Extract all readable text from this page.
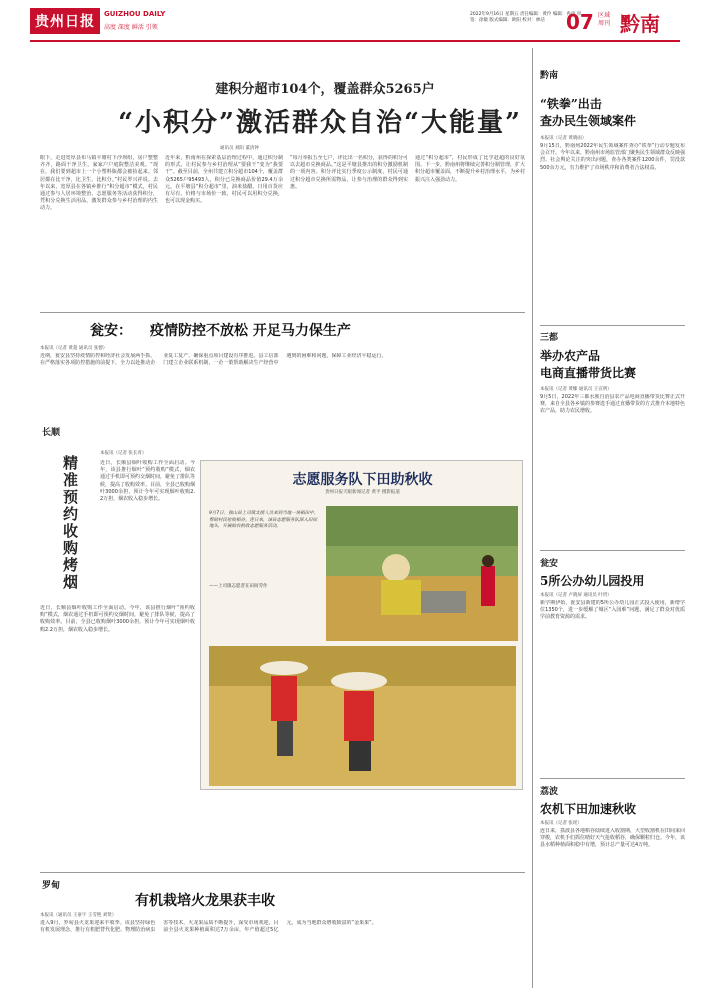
贵州日报	GUIZHOU DAILY
高度 深度 鲜活 引领
2022年9月16日 星期五 责任编辑：黄伶 编辑：冉冉 审签：徐敏 版式编辑：欧阳 校对：林洁	07 区域 周刊 黔南
建积分超市104个，覆盖群众5265户
“小积分”激活群众自治“大能量”
通讯员 刘阳 董清钟
眼下，走进宽厚县布马镇平塘村下沙坝组，房户整整齐齐，路面干净卫生，家家户户庭院整洁美观。“现在，我们要到超市上一个小塑料瓶都会被捡起来。邻居都在比干净，比卫生，比积分。”村民罗兴祥说。去年以来，宽厚县在各镇乡推行“积分超市”模式，村民通过参与人居环境整治、志愿服务等活动获得积分，凭积分兑换生活用品，激发群众参与乡村治理的内生动力。
近年来，黔南州在探索基层治理过程中，通过积分制的形式，让村民参与乡村治理从“要我干”变为“我要干”。截至目前，全州共建立积分超市104个，覆盖群众5265户95493人，积分已兑换商品价值29.4万余元。在平塘县“积分超市”里，油米盐醋、日用百货应有尽有，价格与市场价一致，村民可以用积分兑换，也可以现金购买。
“每月举报五至七户，评比出一名积分，获得的积分可以去超市兑换商品。”这是平塘县推出的积分激励机制的一项内容。积分评比实行季度公示制度，村民可通过积分超市兑换所需物品，让参与治理的群众得到实惠。
通过“积分超市”，村民形成了比学赶超的良好氛围。下一步，黔南州将继续完善积分制管理，扩大积分超市覆盖面，不断提升乡村治理水平，为乡村振兴注入强劲动力。
瓮安： 疫情防控不放松 开足马力保生产
本报讯（记者 黄超 通讯员 张德）
近期，瓮安县坚持疫情防控和经济社会发展两手抓，在严格落实各项防控措施的前提下，全力以赴推动企业复工复产，确保重点项目建设有序推进。县工信部门建立企业联系机制，一企一策帮助解决生产经营中遇到的困难和问题，保障工业经济平稳运行。
长顺
精准预约收购烤烟
本报讯（记者 张长青）
近日，长顺县烟叶收购工作全面启动。今年，该县推行烟叶“预约收购”模式，烟农通过手机即可预约交烟时间，避免了排队等候，提高了收购效率。目前，全县已收购烟叶3000余担，预计今年可实现烟叶收购2.2万担，烟农收入稳步增长。
近日，长顺县烟叶收购工作全面启动。今年，该县推行烟叶“预约收购”模式，烟农通过手机即可预约交烟时间，避免了排队等候，提高了收购效率。目前，全县已收购烟叶3000余担，预计今年可实现烟叶收购2.2万担，烟农收入稳步增长。
志愿服务队下田助秋收
贵州日报天眼新闻记者 黄平 摄影报道
9月7日，独山县上司镇支援人员来到当地一块稻田中，帮助村民抢收稻谷。连日来，该县志愿服务队深入田间地头，开展助农秋收志愿服务活动。
——上司镇志愿者在田间劳作
黔南
“铁拳”出击
查办民生领域案件
本报讯（记者 黄晓雨）
9月15日，黔南州2022年民生领域案件查办“铁拳”行动专题发布会召开。今年以来，黔南州市场监管部门聚焦民生领域群众反映强烈、社会舆论关注的突出问题，查办各类案件1200余件，罚没款500余万元，有力维护了市场秩序和消费者合法权益。
三都
举办农产品
电商直播带货比赛
本报讯（记者 黄臻 通讯员 王宣明）
9月5日，2022年三都水族自治县农产品电商直播带货比赛正式开赛，来自全县各乡镇的参赛选手通过直播带货的方式推介本地特色农产品，助力农民增收。
瓮安
5所公办幼儿园投用
本报讯（记者 卢晓屏 通讯员 叶玥）
新学期伊始，瓮安县新建的5所公办幼儿园正式投入使用，新增学位1350个，进一步缓解了城区“入园难”问题，满足了群众对优质学前教育资源的需求。
荔波
农机下田加速秋收
本报讯（记者 张瑶）
连日来，荔波县各地稻谷陆续进入收割期，大型收割机在田间来回穿梭，农机手们抓住晴好天气抢收稻谷，确保颗粒归仓。今年，该县水稻种植面积稳中有增，预计总产量可达4万吨。
罗甸
有机栽培火龙果获丰收
本报讯（通讯员 王豪宇 王雪艳 刘贤）
进入9月，罗甸县火龙果迎来丰收季。该县坚持绿色有机发展理念，推行有机肥替代化肥、物理防治病虫害等技术，火龙果品质不断提升，深受市场欢迎。目前全县火龙果种植面积达7万余亩，年产值超过5亿元，成为当地群众增收致富的“金果果”。
